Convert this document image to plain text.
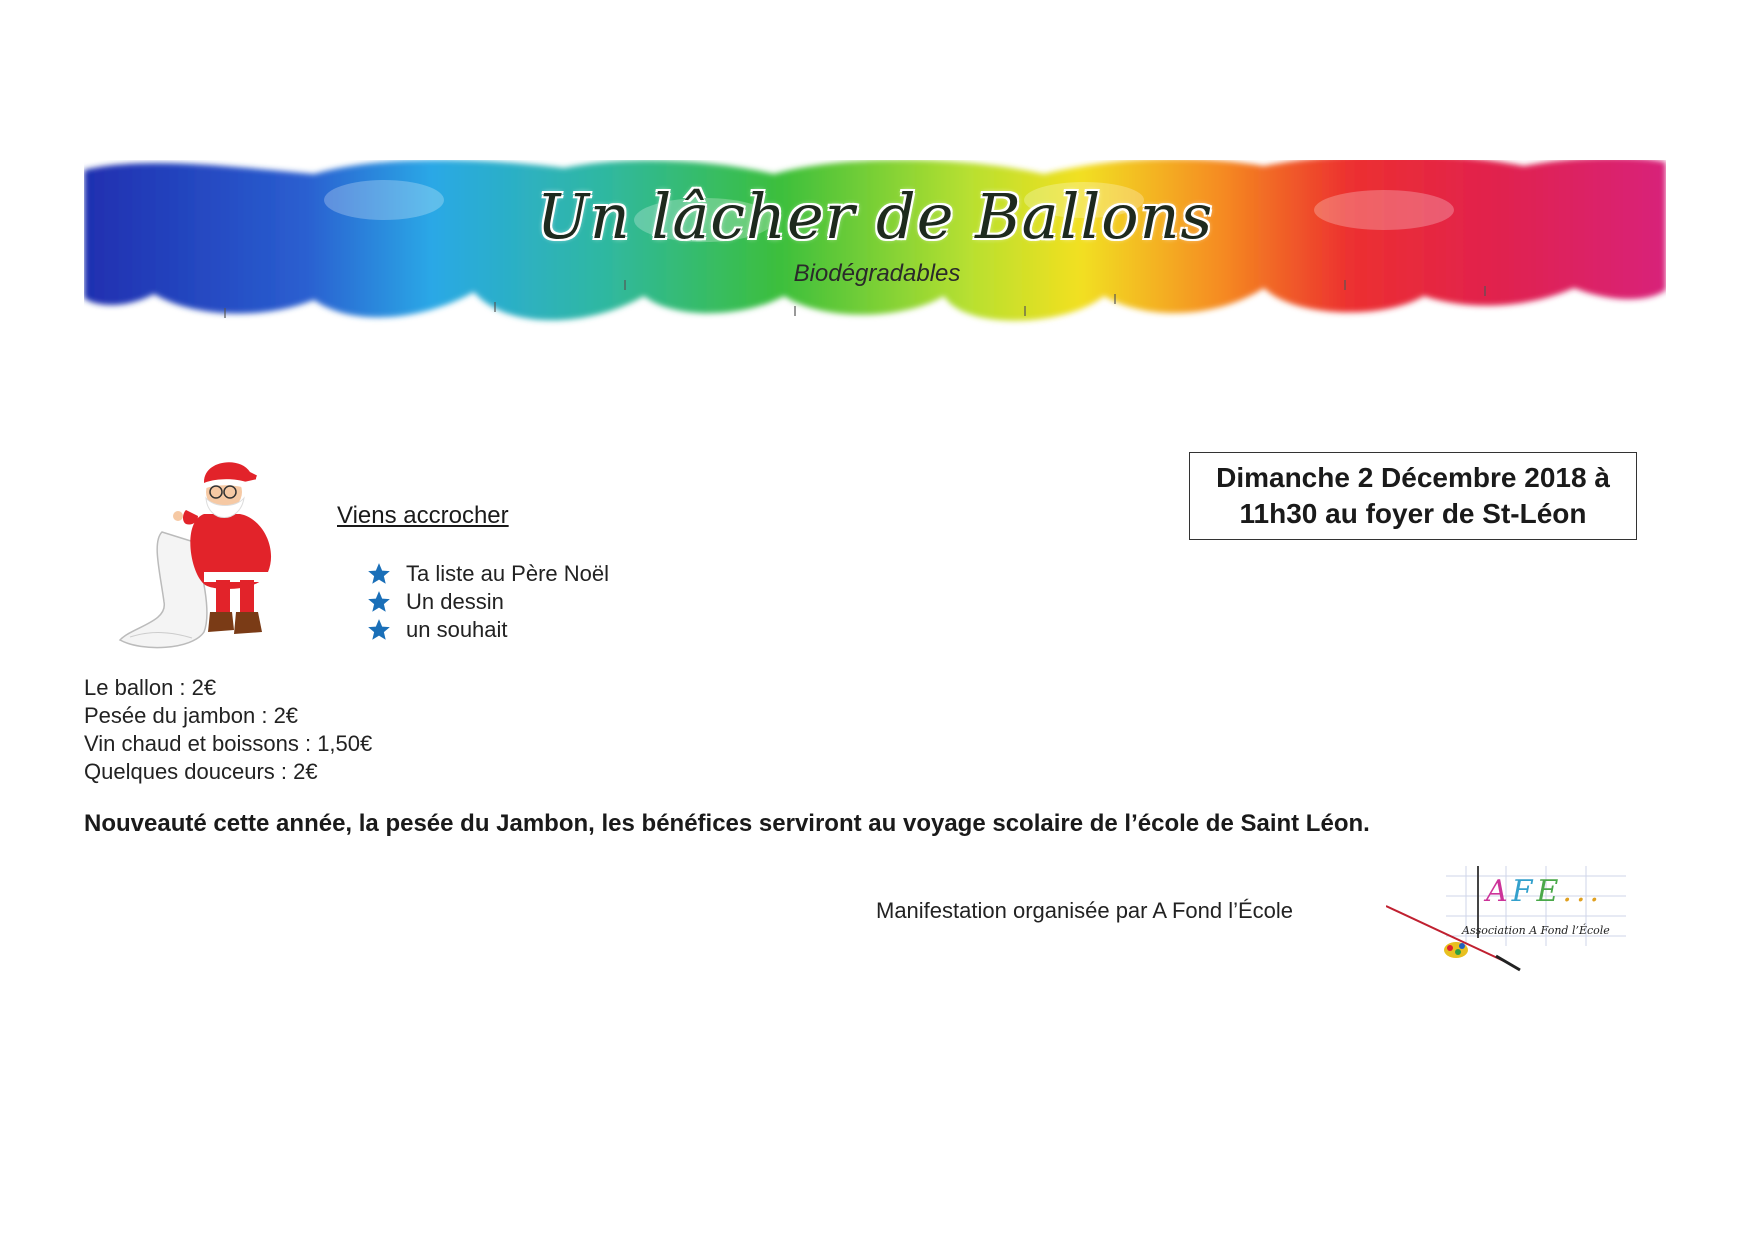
Un lâcher de Ballons
Biodégradables
Viens accrocher
Ta liste au Père Noël
Un dessin
un souhait
Dimanche 2 Décembre 2018 à
11h30 au foyer de St-Léon
Le ballon : 2€
Pesée du jambon : 2€
Vin chaud et boissons : 1,50€
Quelques douceurs : 2€
Nouveauté cette année, la pesée du Jambon, les bénéfices serviront au voyage scolaire de l’école de Saint Léon.
Manifestation organisée par A Fond l’École
AFE...
Association A Fond l’École
